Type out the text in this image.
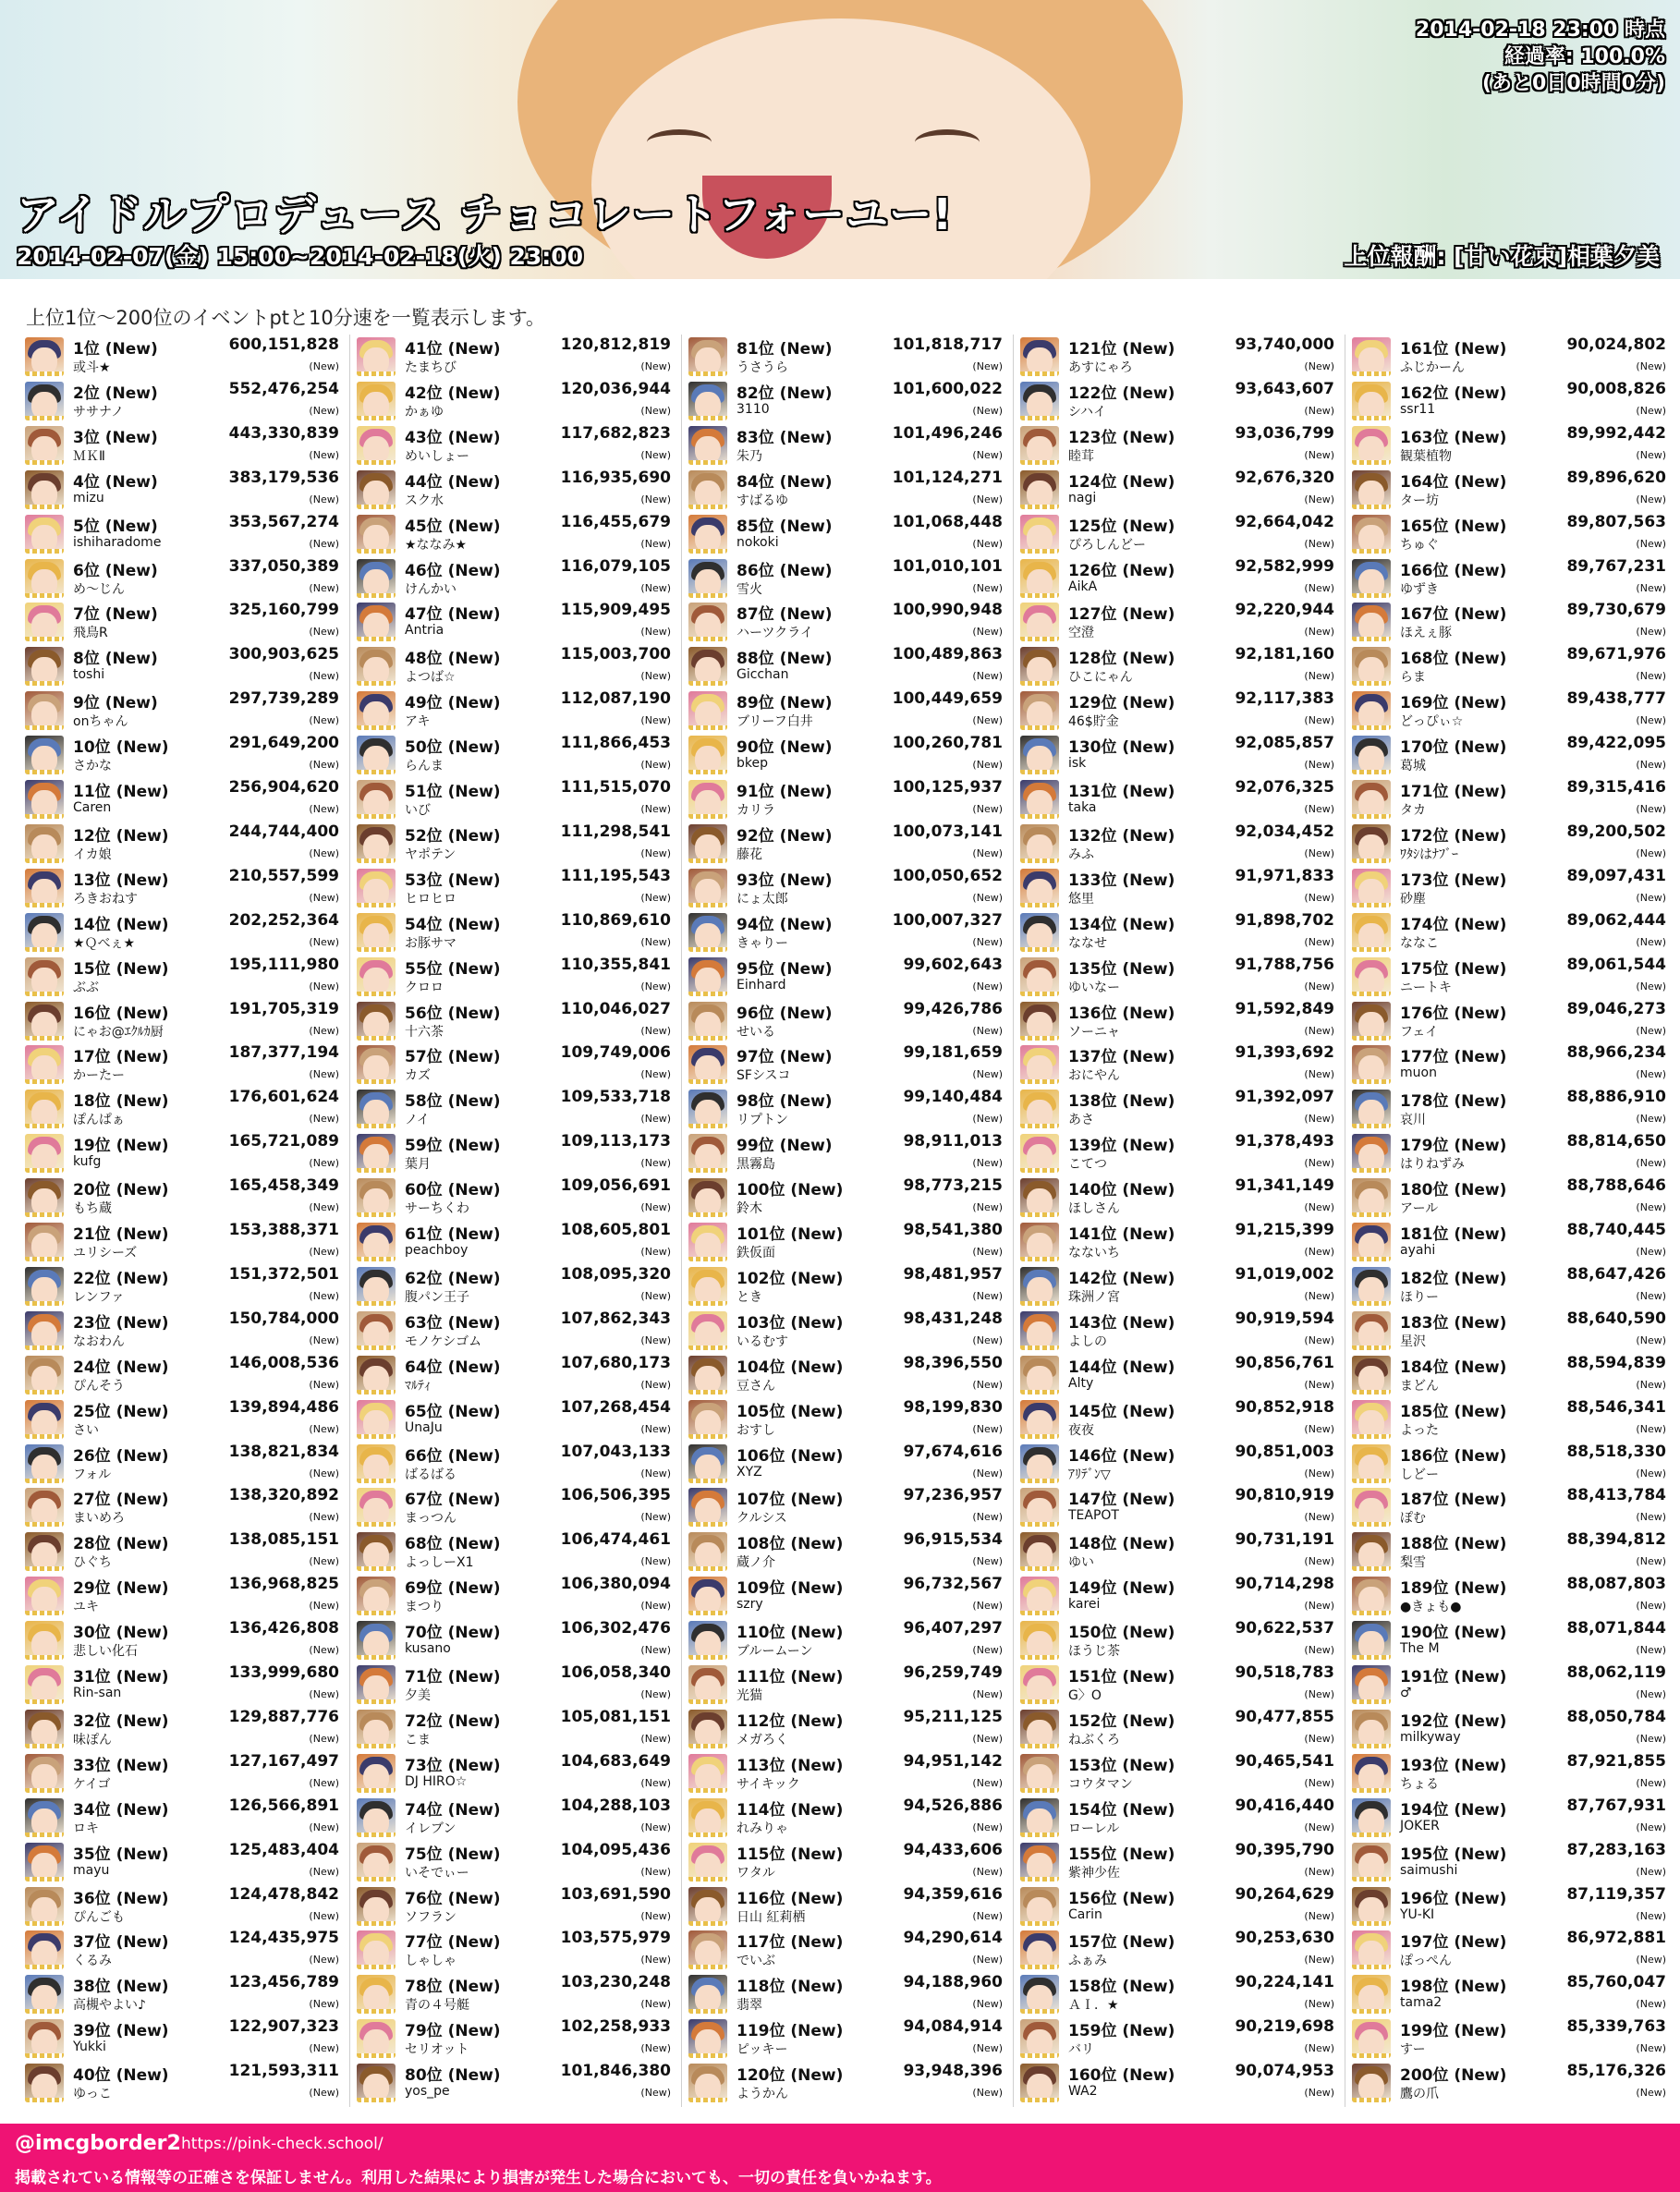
アイドルプロデュース チョコレートフォーユー!
2014-02-07(金) 15:00~2014-02-18(火) 23:00	上位報酬: [甘い花束]相葉夕美
2014-02-18 23:00 時点
経過率: 100.0%
(あと0日0時間0分)
上位1位～200位のイベントptと10分速を一覧表示します。
1位 (New)
或斗★
600,151,828
(New)
2位 (New)
ササナノ
552,476,254
(New)
3位 (New)
ＭＫⅡ
443,330,839
(New)
4位 (New)
mizu
383,179,536
(New)
5位 (New)
ishiharadome
353,567,274
(New)
6位 (New)
め～じん
337,050,389
(New)
7位 (New)
飛鳥R
325,160,799
(New)
8位 (New)
toshi
300,903,625
(New)
9位 (New)
onちゃん
297,739,289
(New)
10位 (New)
さかな
291,649,200
(New)
11位 (New)
Caren
256,904,620
(New)
12位 (New)
イカ娘
244,744,400
(New)
13位 (New)
ろきおねす
210,557,599
(New)
14位 (New)
★Ｑべぇ★
202,252,364
(New)
15位 (New)
ぶぶ
195,111,980
(New)
16位 (New)
にゃお@ｴｸﾙｶ厨
191,705,319
(New)
17位 (New)
かーたー
187,377,194
(New)
18位 (New)
ぽんぱぁ
176,601,624
(New)
19位 (New)
kufg
165,721,089
(New)
20位 (New)
もち蔵
165,458,349
(New)
21位 (New)
ユリシーズ
153,388,371
(New)
22位 (New)
レンファ
151,372,501
(New)
23位 (New)
なおわん
150,784,000
(New)
24位 (New)
ぴんそう
146,008,536
(New)
25位 (New)
さい
139,894,486
(New)
26位 (New)
フォル
138,821,834
(New)
27位 (New)
まいめろ
138,320,892
(New)
28位 (New)
ひぐち
138,085,151
(New)
29位 (New)
ユキ
136,968,825
(New)
30位 (New)
悲しい化石
136,426,808
(New)
31位 (New)
Rin-san
133,999,680
(New)
32位 (New)
味ぽん
129,887,776
(New)
33位 (New)
ケイゴ
127,167,497
(New)
34位 (New)
ロキ
126,566,891
(New)
35位 (New)
mayu
125,483,404
(New)
36位 (New)
ぴんごも
124,478,842
(New)
37位 (New)
くるみ
124,435,975
(New)
38位 (New)
高槻やよい♪
123,456,789
(New)
39位 (New)
Yukki
122,907,323
(New)
40位 (New)
ゆっこ
121,593,311
(New)
41位 (New)
たまちび
120,812,819
(New)
42位 (New)
かぁゆ
120,036,944
(New)
43位 (New)
めいしょー
117,682,823
(New)
44位 (New)
スク水
116,935,690
(New)
45位 (New)
★ななみ★
116,455,679
(New)
46位 (New)
けんかい
116,079,105
(New)
47位 (New)
Antria
115,909,495
(New)
48位 (New)
よつば☆
115,003,700
(New)
49位 (New)
アキ
112,087,190
(New)
50位 (New)
らんま
111,866,453
(New)
51位 (New)
いび
111,515,070
(New)
52位 (New)
ヤポテン
111,298,541
(New)
53位 (New)
ヒロヒロ
111,195,543
(New)
54位 (New)
お豚サマ
110,869,610
(New)
55位 (New)
クロロ
110,355,841
(New)
56位 (New)
十六茶
110,046,027
(New)
57位 (New)
カズ
109,749,006
(New)
58位 (New)
ノイ
109,533,718
(New)
59位 (New)
葉月
109,113,173
(New)
60位 (New)
サーちくわ
109,056,691
(New)
61位 (New)
peachboy
108,605,801
(New)
62位 (New)
腹パン王子
108,095,320
(New)
63位 (New)
モノケシゴム
107,862,343
(New)
64位 (New)
ﾏﾙﾃｨ
107,680,173
(New)
65位 (New)
UnaJu
107,268,454
(New)
66位 (New)
ばるばる
107,043,133
(New)
67位 (New)
まっつん
106,506,395
(New)
68位 (New)
よっしーX1
106,474,461
(New)
69位 (New)
まつり
106,380,094
(New)
70位 (New)
kusano
106,302,476
(New)
71位 (New)
夕美
106,058,340
(New)
72位 (New)
こま
105,081,151
(New)
73位 (New)
DJ HIRO☆
104,683,649
(New)
74位 (New)
イレブン
104,288,103
(New)
75位 (New)
いそでぃー
104,095,436
(New)
76位 (New)
ソフラン
103,691,590
(New)
77位 (New)
しゃしゃ
103,575,979
(New)
78位 (New)
青の４号艇
103,230,248
(New)
79位 (New)
セリオット
102,258,933
(New)
80位 (New)
yos_pe
101,846,380
(New)
81位 (New)
うさうら
101,818,717
(New)
82位 (New)
3110
101,600,022
(New)
83位 (New)
朱乃
101,496,246
(New)
84位 (New)
すばるゆ
101,124,271
(New)
85位 (New)
nokoki
101,068,448
(New)
86位 (New)
雪火
101,010,101
(New)
87位 (New)
ハーツクライ
100,990,948
(New)
88位 (New)
Gicchan
100,489,863
(New)
89位 (New)
ブリーフ白井
100,449,659
(New)
90位 (New)
bkep
100,260,781
(New)
91位 (New)
カリラ
100,125,937
(New)
92位 (New)
藤花
100,073,141
(New)
93位 (New)
にょ太郎
100,050,652
(New)
94位 (New)
きゃりー
100,007,327
(New)
95位 (New)
Einhard
99,602,643
(New)
96位 (New)
せいる
99,426,786
(New)
97位 (New)
SFシスコ
99,181,659
(New)
98位 (New)
リプトン
99,140,484
(New)
99位 (New)
黒霧島
98,911,013
(New)
100位 (New)
鈴木
98,773,215
(New)
101位 (New)
鉄仮面
98,541,380
(New)
102位 (New)
とき
98,481,957
(New)
103位 (New)
いるむす
98,431,248
(New)
104位 (New)
豆さん
98,396,550
(New)
105位 (New)
おすし
98,199,830
(New)
106位 (New)
XYZ
97,674,616
(New)
107位 (New)
クルシス
97,236,957
(New)
108位 (New)
蔵ノ介
96,915,534
(New)
109位 (New)
szry
96,732,567
(New)
110位 (New)
ブルームーン
96,407,297
(New)
111位 (New)
光猫
96,259,749
(New)
112位 (New)
メガろく
95,211,125
(New)
113位 (New)
サイキック
94,951,142
(New)
114位 (New)
れみりゃ
94,526,886
(New)
115位 (New)
ワタル
94,433,606
(New)
116位 (New)
日山 紅莉栖
94,359,616
(New)
117位 (New)
でいぶ
94,290,614
(New)
118位 (New)
翡翠
94,188,960
(New)
119位 (New)
ピッキー
94,084,914
(New)
120位 (New)
ようかん
93,948,396
(New)
121位 (New)
あすにゃろ
93,740,000
(New)
122位 (New)
シハイ
93,643,607
(New)
123位 (New)
睦茸
93,036,799
(New)
124位 (New)
nagi
92,676,320
(New)
125位 (New)
ぴろしんどー
92,664,042
(New)
126位 (New)
AikA
92,582,999
(New)
127位 (New)
空澄
92,220,944
(New)
128位 (New)
ひこにゃん
92,181,160
(New)
129位 (New)
46$貯金
92,117,383
(New)
130位 (New)
isk
92,085,857
(New)
131位 (New)
taka
92,076,325
(New)
132位 (New)
みふ
92,034,452
(New)
133位 (New)
悠里
91,971,833
(New)
134位 (New)
ななせ
91,898,702
(New)
135位 (New)
ゆいなー
91,788,756
(New)
136位 (New)
ソーニャ
91,592,849
(New)
137位 (New)
おにやん
91,393,692
(New)
138位 (New)
あさ
91,392,097
(New)
139位 (New)
こてつ
91,378,493
(New)
140位 (New)
ほしさん
91,341,149
(New)
141位 (New)
なないち
91,215,399
(New)
142位 (New)
珠洲ノ宮
91,019,002
(New)
143位 (New)
よしの
90,919,594
(New)
144位 (New)
Alty
90,856,761
(New)
145位 (New)
夜夜
90,852,918
(New)
146位 (New)
ｱﾘﾃﾞﾝ▽
90,851,003
(New)
147位 (New)
TEAPOT
90,810,919
(New)
148位 (New)
ゆい
90,731,191
(New)
149位 (New)
karei
90,714,298
(New)
150位 (New)
ほうじ茶
90,622,537
(New)
151位 (New)
G〉O
90,518,783
(New)
152位 (New)
ねぶくろ
90,477,855
(New)
153位 (New)
コウタマン
90,465,541
(New)
154位 (New)
ローレル
90,416,440
(New)
155位 (New)
紫神少佐
90,395,790
(New)
156位 (New)
Carin
90,264,629
(New)
157位 (New)
ふぁみ
90,253,630
(New)
158位 (New)
ＡＩ．★
90,224,141
(New)
159位 (New)
バリ
90,219,698
(New)
160位 (New)
WA2
90,074,953
(New)
161位 (New)
ふじかーん
90,024,802
(New)
162位 (New)
ssr11
90,008,826
(New)
163位 (New)
観葉植物
89,992,442
(New)
164位 (New)
ター坊
89,896,620
(New)
165位 (New)
ちゅぐ
89,807,563
(New)
166位 (New)
ゆずき
89,767,231
(New)
167位 (New)
ほえぇ豚
89,730,679
(New)
168位 (New)
らま
89,671,976
(New)
169位 (New)
どっぴぃ☆
89,438,777
(New)
170位 (New)
葛城
89,422,095
(New)
171位 (New)
タカ
89,315,416
(New)
172位 (New)
ﾜﾀｼはﾅﾌﾞｰ
89,200,502
(New)
173位 (New)
砂塵
89,097,431
(New)
174位 (New)
ななこ
89,062,444
(New)
175位 (New)
ニートキ
89,061,544
(New)
176位 (New)
フェイ
89,046,273
(New)
177位 (New)
muon
88,966,234
(New)
178位 (New)
哀川
88,886,910
(New)
179位 (New)
はりねずみ
88,814,650
(New)
180位 (New)
アール
88,788,646
(New)
181位 (New)
ayahi
88,740,445
(New)
182位 (New)
ほりー
88,647,426
(New)
183位 (New)
星沢
88,640,590
(New)
184位 (New)
まどん
88,594,839
(New)
185位 (New)
よった
88,546,341
(New)
186位 (New)
しどー
88,518,330
(New)
187位 (New)
ぽむ
88,413,784
(New)
188位 (New)
梨雪
88,394,812
(New)
189位 (New)
●きょも●
88,087,803
(New)
190位 (New)
The M
88,071,844
(New)
191位 (New)
♂
88,062,119
(New)
192位 (New)
milkyway
88,050,784
(New)
193位 (New)
ちょる
87,921,855
(New)
194位 (New)
JOKER
87,767,931
(New)
195位 (New)
saimushi
87,283,163
(New)
196位 (New)
YU-KI
87,119,357
(New)
197位 (New)
ぽっぺん
86,972,881
(New)
198位 (New)
tama2
85,760,047
(New)
199位 (New)
すー
85,339,763
(New)
200位 (New)
鷹の爪
85,176,326
(New)
@imcgborder2 https://pink-check.school/
掲載されている情報等の正確さを保証しません。利用した結果により損害が発生した場合においても、一切の責任を負いかねます。
